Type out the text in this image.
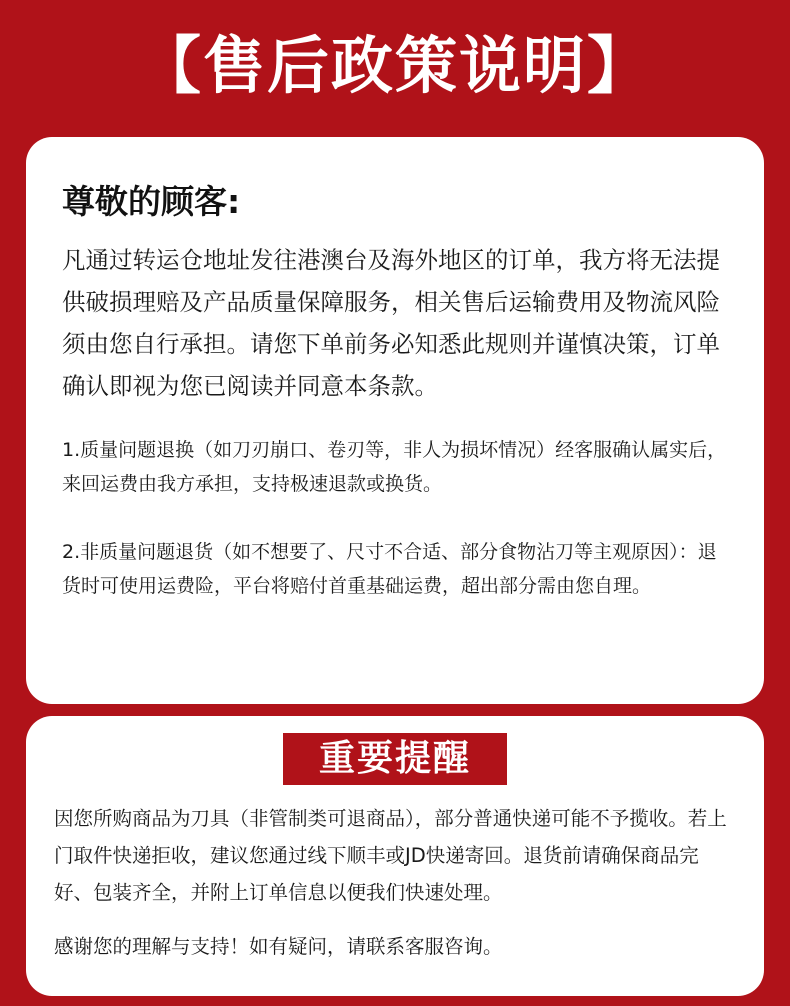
【售后政策说明】
尊敬的顾客:

凡通过转运仓地址发往港澳台及海外地区的订单，我方将无法提供破损理赔及产品质量保障服务，相关售后运输费用及物流风险须由您自行承担。请您下单前务必知悉此规则并谨慎决策，订单确认即视为您已阅读并同意本条款。

1.质量问题退换（如刀刃崩口、卷刃等，非人为损坏情况）经客服确认属实后，来回运费由我方承担，支持极速退款或换货。

2.非质量问题退货（如不想要了、尺寸不合适、部分食物沾刀等主观原因）：退货时可使用运费险，平台将赔付首重基础运费，超出部分需由您自理。

重要提醒

因您所购商品为刀具（非管制类可退商品），部分普通快递可能不予揽收。若上门取件快递拒收，建议您通过线下顺丰或JD快递寄回。退货前请确保商品完好、包装齐全，并附上订单信息以便我们快速处理。

感谢您的理解与支持！如有疑问，请联系客服咨询。
